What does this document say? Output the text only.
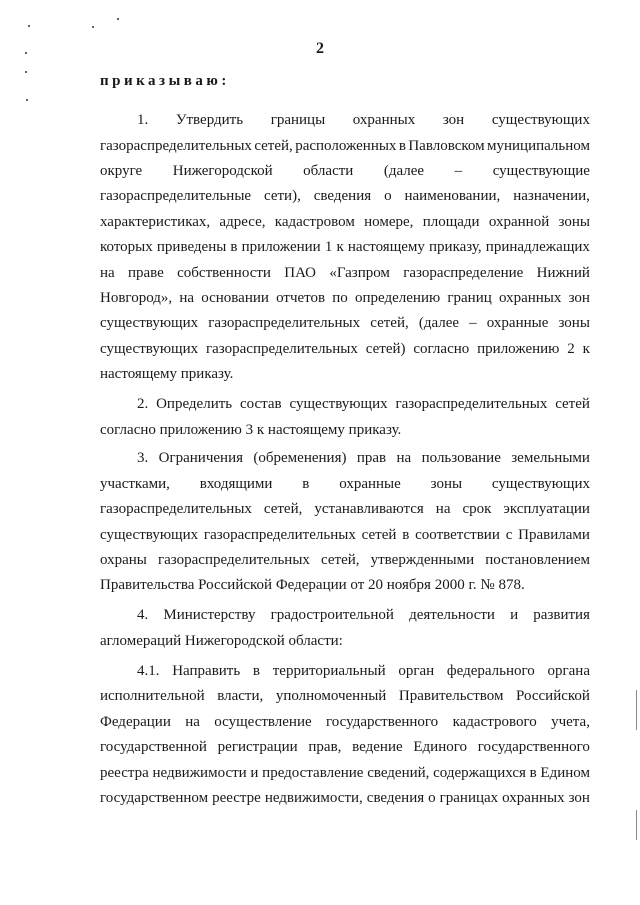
2
приказываю:
1. Утвердить границы охранных зон существующих
газораспределительных сетей, расположенных в Павловском муниципальном
округе Нижегородской области (далее – существующие
газораспределительные сети), сведения о наименовании, назначении,
характеристиках, адресе, кадастровом номере, площади охранной зоны
которых приведены в приложении 1 к настоящему приказу, принадлежащих
на праве собственности ПАО «Газпром газораспределение Нижний
Новгород», на основании отчетов по определению границ охранных зон
существующих газораспределительных сетей, (далее – охранные зоны
существующих газораспределительных сетей) согласно приложению 2 к
настоящему приказу.
2. Определить состав существующих газораспределительных сетей
согласно приложению 3 к настоящему приказу.
3. Ограничения (обременения) прав на пользование земельными
участками, входящими в охранные зоны существующих
газораспределительных сетей, устанавливаются на срок эксплуатации
существующих газораспределительных сетей в соответствии с Правилами
охраны газораспределительных сетей, утвержденными постановлением
Правительства Российской Федерации от 20 ноября 2000 г. № 878.
4. Министерству градостроительной деятельности и развития
агломераций Нижегородской области:
4.1. Направить в территориальный орган федерального органа
исполнительной власти, уполномоченный Правительством Российской
Федерации на осуществление государственного кадастрового учета,
государственной регистрации прав, ведение Единого государственного
реестра недвижимости и предоставление сведений, содержащихся в Едином
государственном реестре недвижимости, сведения о границах охранных зон
